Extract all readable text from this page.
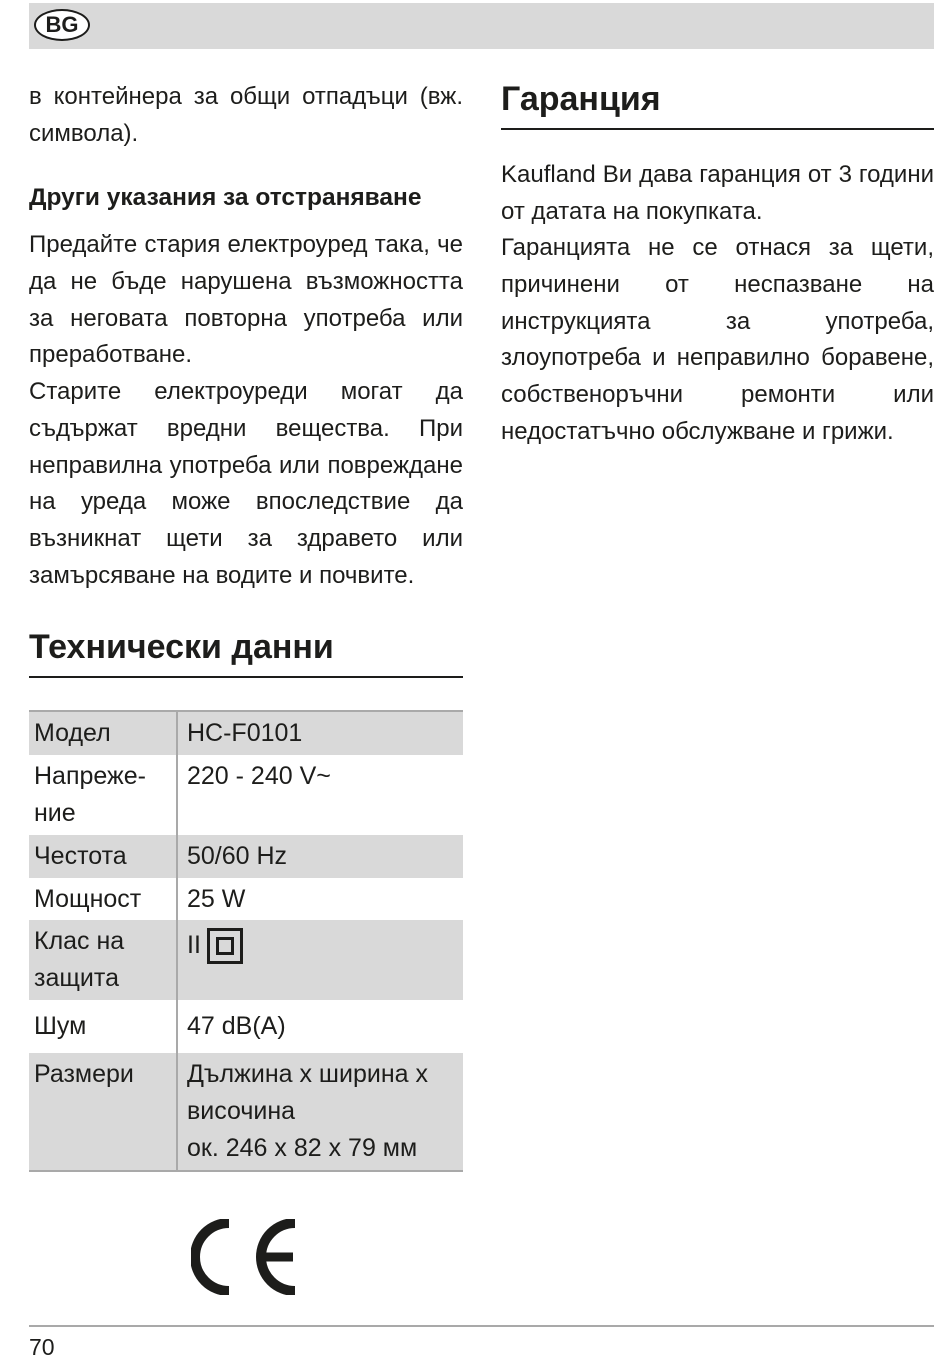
BG

в контейнера за общи отпадъци (вж. символа).

Други указания за отстраняване

Предайте стария електроуред така, че да не бъде нарушена възможността за неговата повторна употреба или преработване.

Старите електроуреди могат да съдържат вредни вещества. При неправилна употреба или повреждане на уреда може впоследствие да възникнат щети за здравето или замърсяване на водите и почвите.

Технически данни
Модел	HC-F0101
Напреже-
ние	220 - 240 V~
Честота	50/60 Hz
Мощност	25 W
Клас на
защита	II

Шум	47 dB(A)
Размери	Дължина x ширина x височина
ок. 246 x 82 x 79 мм
Гаранция

Kaufland Ви дава гаранция от 3 години от датата на покупката.

Гаранцията не се отнася за щети, причинени от неспазване на инструкцията за употреба, злоупотреба и неправилно боравене, собственоръчни ремонти или недостатъчно обслужване и грижи.

70
